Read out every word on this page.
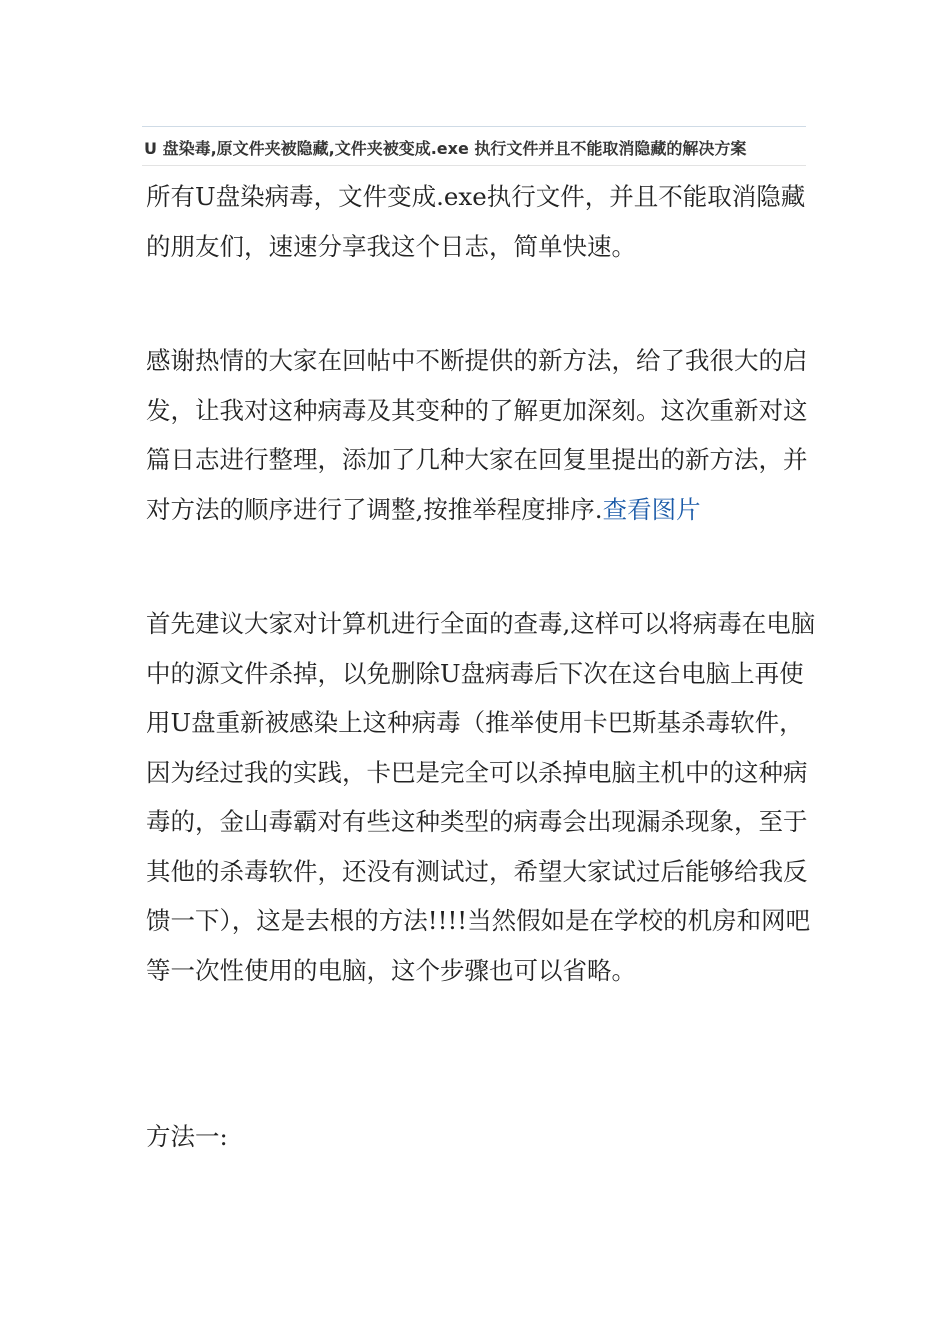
U 盘染毒,原文件夹被隐藏,文件夹被变成.exe 执行文件并且不能取消隐藏的解决方案

所有U盘染病毒，文件变成.exe执行文件，并且不能取消隐藏的朋友们，速速分享我这个日志，简单快速。

感谢热情的大家在回帖中不断提供的新方法，给了我很大的启发，让我对这种病毒及其变种的了解更加深刻。这次重新对这篇日志进行整理，添加了几种大家在回复里提出的新方法，并对方法的顺序进行了调整,按推举程度排序.查看图片

首先建议大家对计算机进行全面的查毒,这样可以将病毒在电脑中的源文件杀掉，以免删除U盘病毒后下次在这台电脑上再使用U盘重新被感染上这种病毒（推举使用卡巴斯基杀毒软件，因为经过我的实践，卡巴是完全可以杀掉电脑主机中的这种病毒的，金山毒霸对有些这种类型的病毒会出现漏杀现象，至于其他的杀毒软件，还没有测试过，希望大家试过后能够给我反馈一下），这是去根的方法!!!!当然假如是在学校的机房和网吧等一次性使用的电脑，这个步骤也可以省略。

方法一:
